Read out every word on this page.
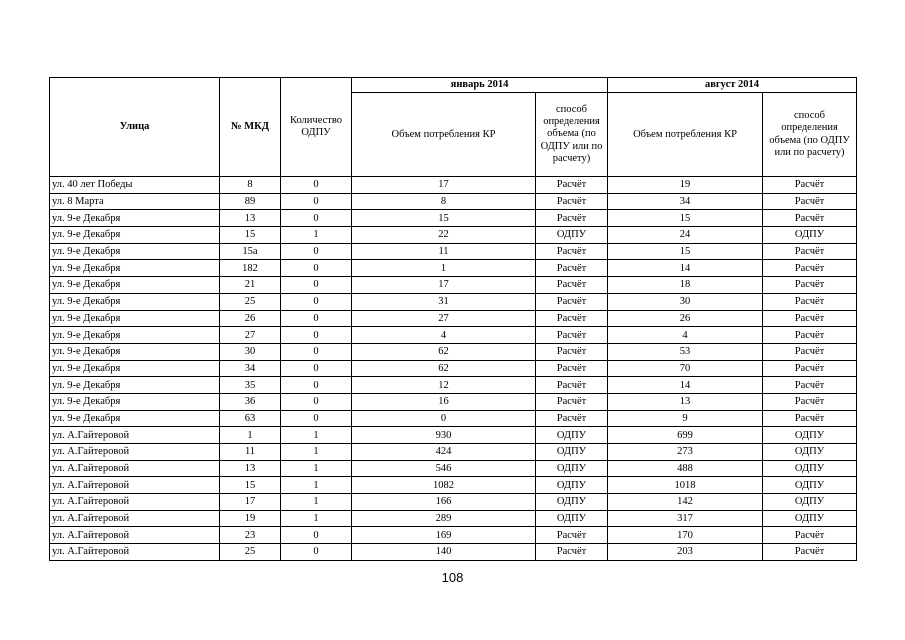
Улица	№ МКД	Количество ОДПУ	январь 2014		август 2014	
			Объем потребления КР	способ определения объема (по ОДПУ или по расчету)	Объем потребления КР	способ определения объема (по ОДПУ или по расчету)
ул. 40 лет Победы	8	0	17	Расчёт	19	Расчёт
ул. 8 Марта	89	0	8	Расчёт	34	Расчёт
ул. 9-е Декабря	13	0	15	Расчёт	15	Расчёт
ул. 9-е Декабря	15	1	22	ОДПУ	24	ОДПУ
ул. 9-е Декабря	15а	0	11	Расчёт	15	Расчёт
ул. 9-е Декабря	182	0	1	Расчёт	14	Расчёт
ул. 9-е Декабря	21	0	17	Расчёт	18	Расчёт
ул. 9-е Декабря	25	0	31	Расчёт	30	Расчёт
ул. 9-е Декабря	26	0	27	Расчёт	26	Расчёт
ул. 9-е Декабря	27	0	4	Расчёт	4	Расчёт
ул. 9-е Декабря	30	0	62	Расчёт	53	Расчёт
ул. 9-е Декабря	34	0	62	Расчёт	70	Расчёт
ул. 9-е Декабря	35	0	12	Расчёт	14	Расчёт
ул. 9-е Декабря	36	0	16	Расчёт	13	Расчёт
ул. 9-е Декабря	63	0	0	Расчёт	9	Расчёт
ул. А.Гайтеровой	1	1	930	ОДПУ	699	ОДПУ
ул. А.Гайтеровой	11	1	424	ОДПУ	273	ОДПУ
ул. А.Гайтеровой	13	1	546	ОДПУ	488	ОДПУ
ул. А.Гайтеровой	15	1	1082	ОДПУ	1018	ОДПУ
ул. А.Гайтеровой	17	1	166	ОДПУ	142	ОДПУ
ул. А.Гайтеровой	19	1	289	ОДПУ	317	ОДПУ
ул. А.Гайтеровой	23	0	169	Расчёт	170	Расчёт
ул. А.Гайтеровой	25	0	140	Расчёт	203	Расчёт
108
